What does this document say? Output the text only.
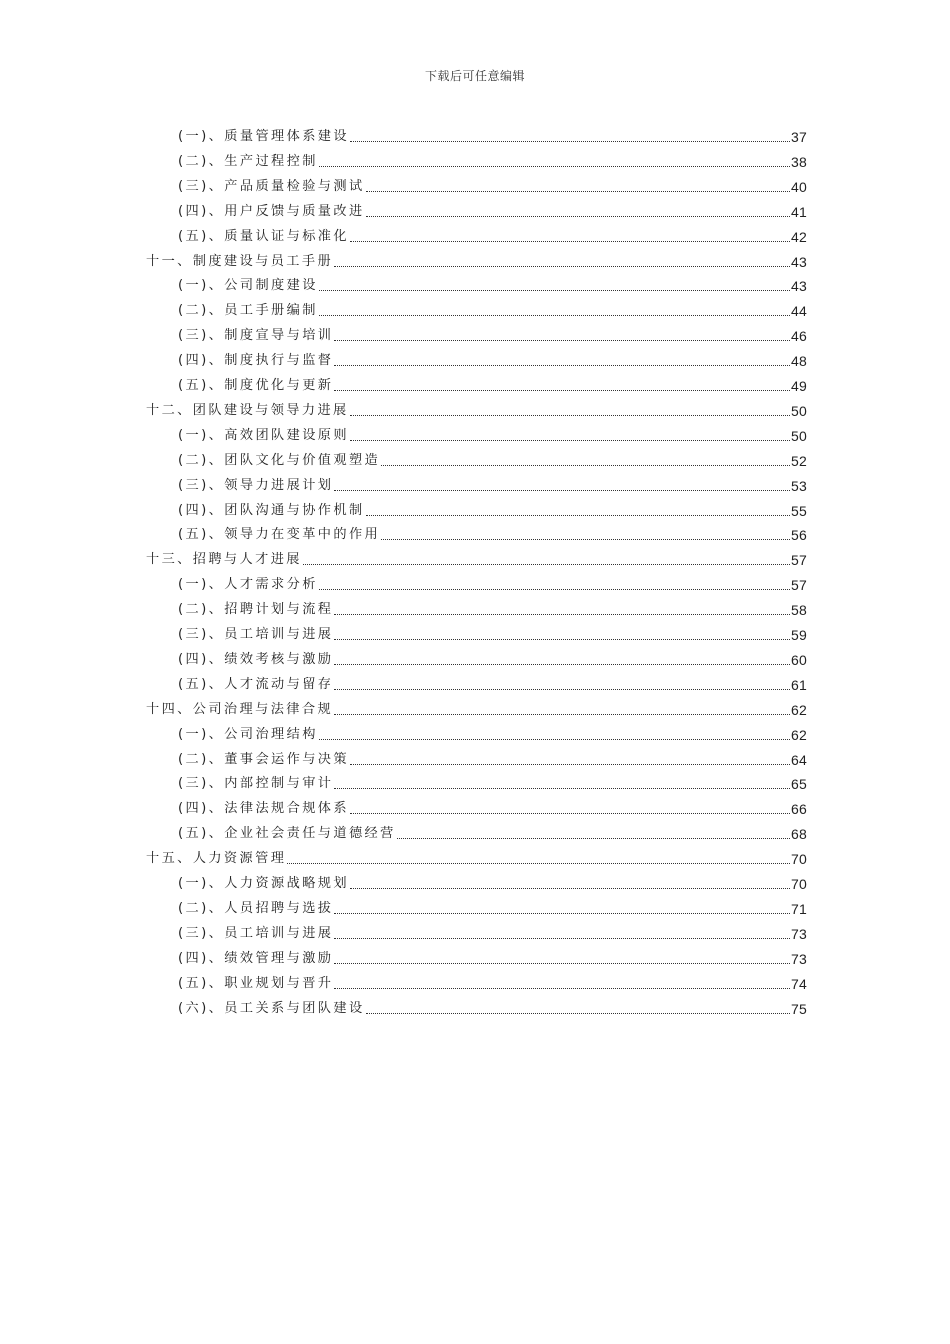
下载后可任意编辑
(一)、质量管理体系建设	37
(二)、生产过程控制	38
(三)、产品质量检验与测试	40
(四)、用户反馈与质量改进	41
(五)、质量认证与标准化	42
十一、制度建设与员工手册	43
(一)、公司制度建设	43
(二)、员工手册编制	44
(三)、制度宣导与培训	46
(四)、制度执行与监督	48
(五)、制度优化与更新	49
十二、团队建设与领导力进展	50
(一)、高效团队建设原则	50
(二)、团队文化与价值观塑造	52
(三)、领导力进展计划	53
(四)、团队沟通与协作机制	55
(五)、领导力在变革中的作用	56
十三、招聘与人才进展	57
(一)、人才需求分析	57
(二)、招聘计划与流程	58
(三)、员工培训与进展	59
(四)、绩效考核与激励	60
(五)、人才流动与留存	61
十四、公司治理与法律合规	62
(一)、公司治理结构	62
(二)、董事会运作与决策	64
(三)、内部控制与审计	65
(四)、法律法规合规体系	66
(五)、企业社会责任与道德经营	68
十五、人力资源管理	70
(一)、人力资源战略规划	70
(二)、人员招聘与选拔	71
(三)、员工培训与进展	73
(四)、绩效管理与激励	73
(五)、职业规划与晋升	74
(六)、员工关系与团队建设	75
